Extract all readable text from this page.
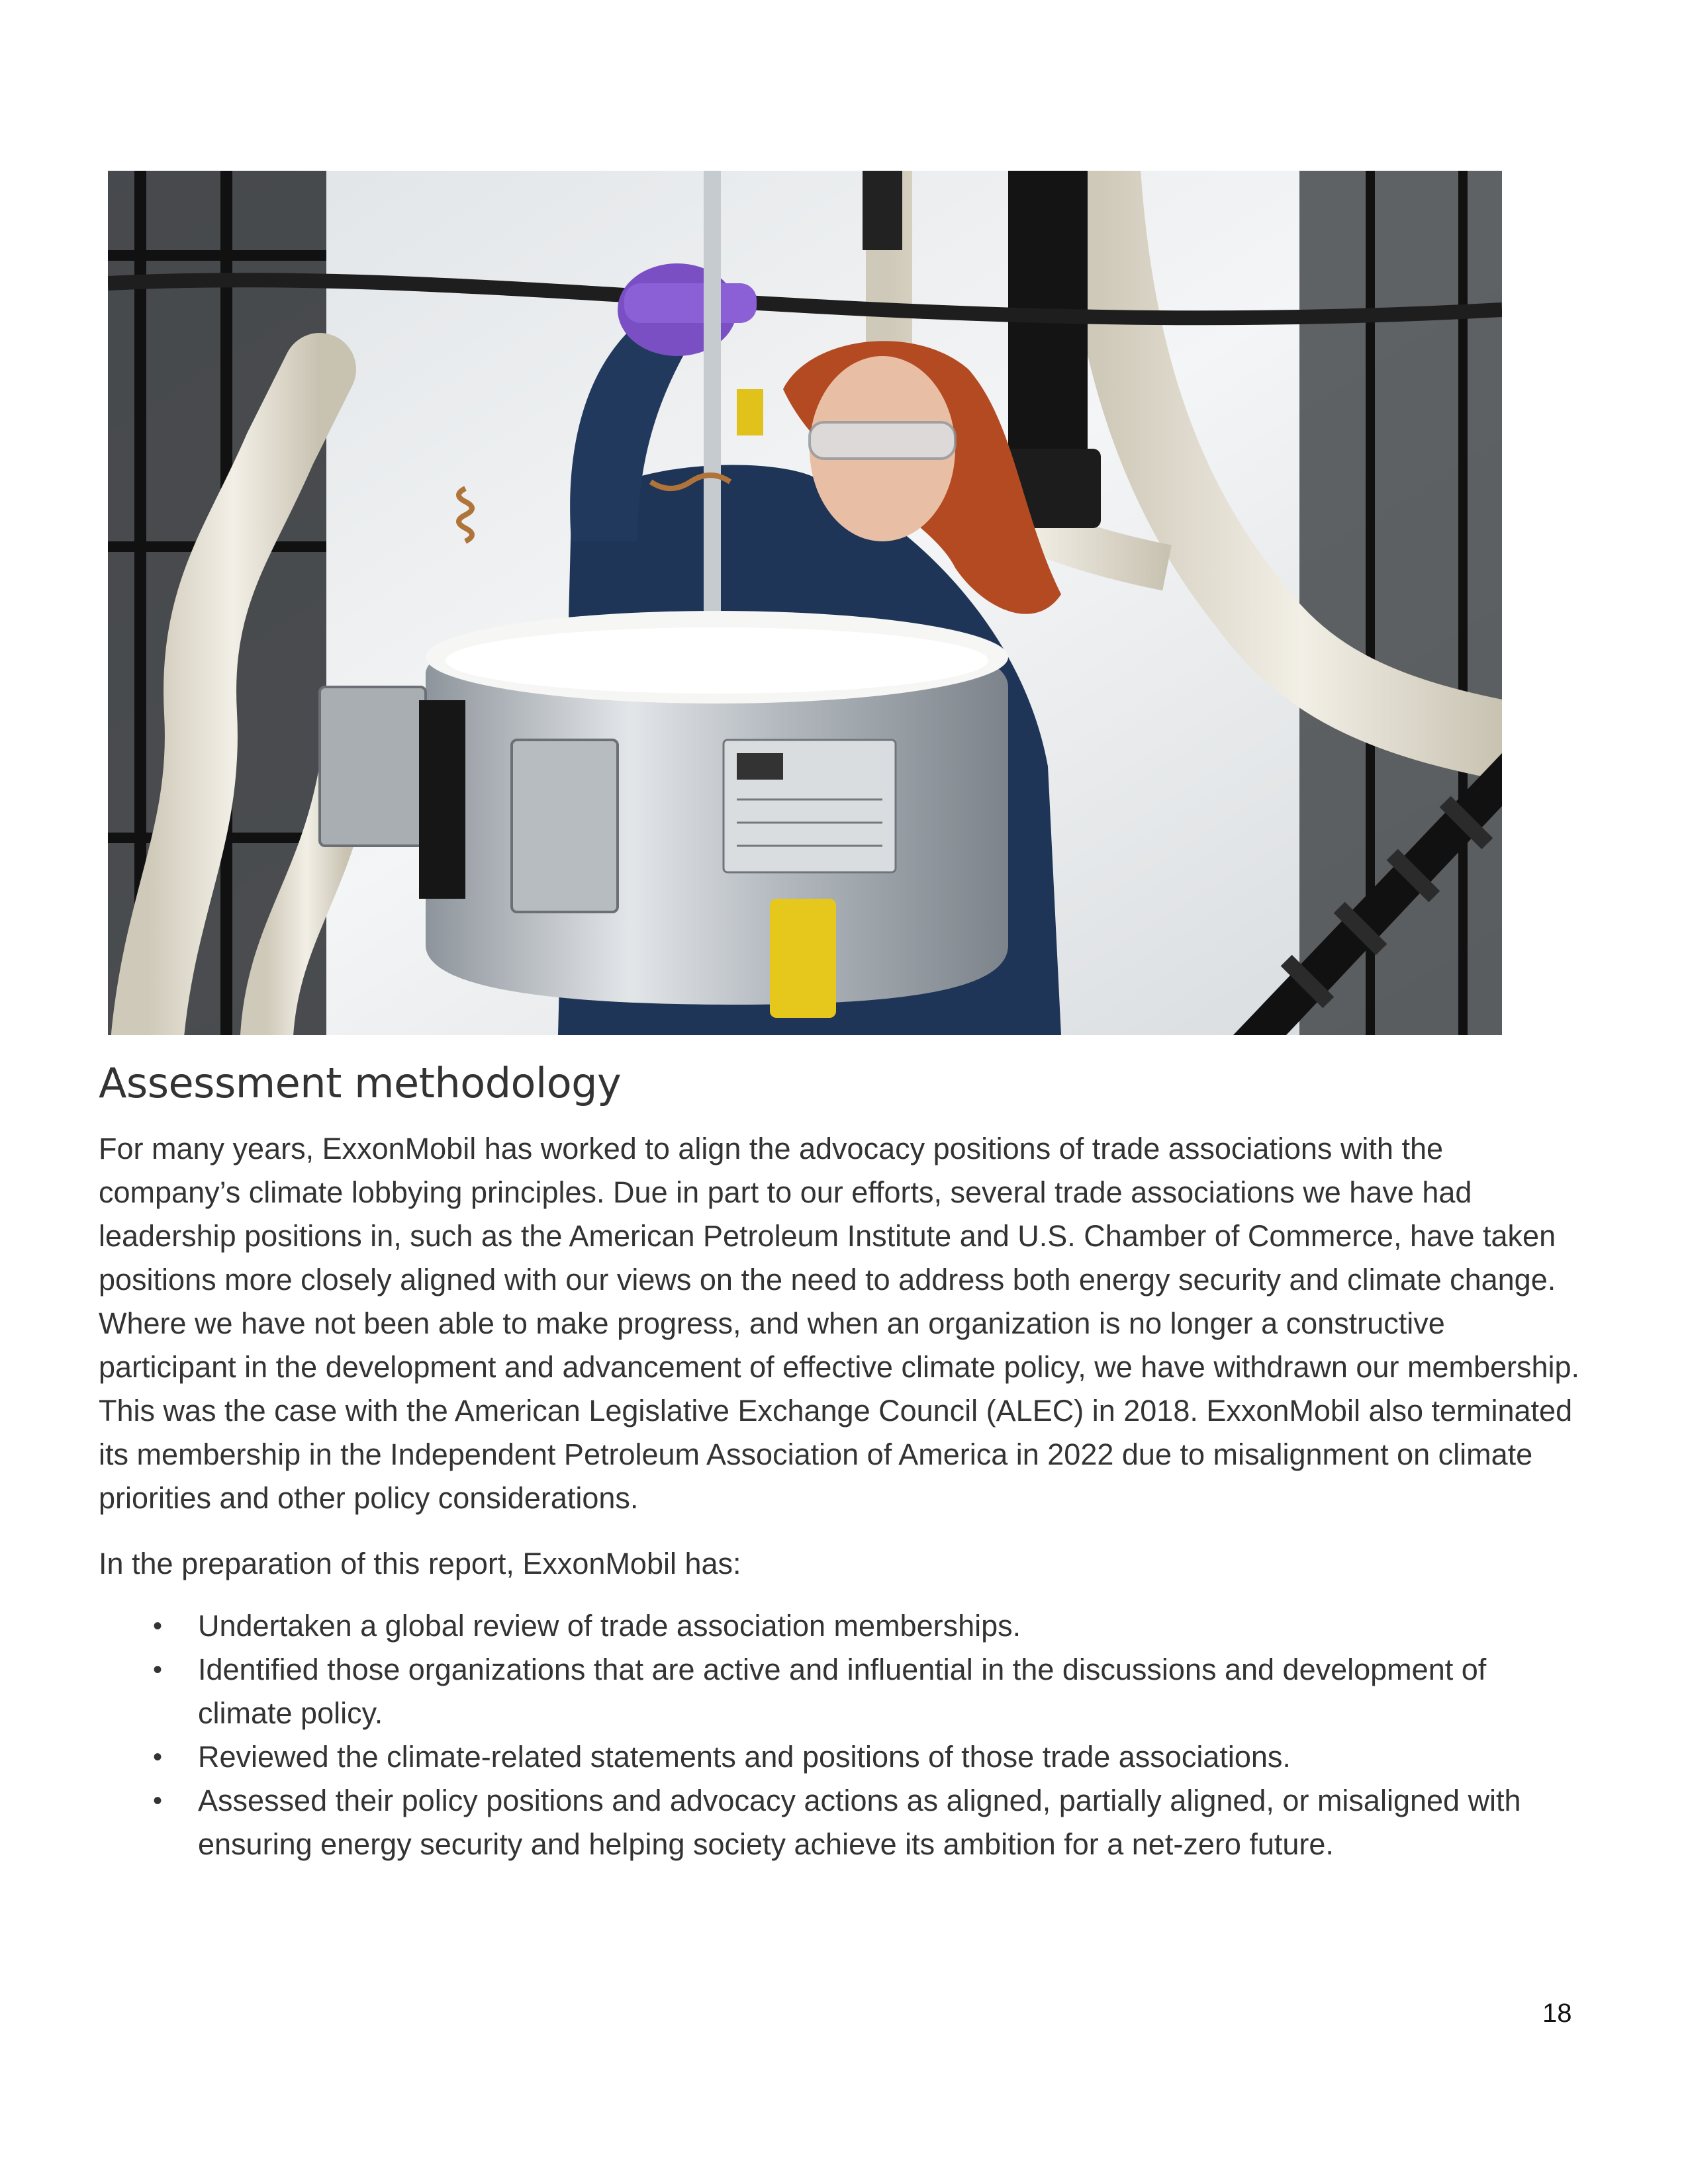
Assessment methodology

For many years, ExxonMobil has worked to align the advocacy positions of trade associations with the company’s climate lobbying principles. Due in part to our efforts, several trade associations we have had leadership positions in, such as the American Petroleum Institute and U.S. Chamber of Commerce, have taken positions more closely aligned with our views on the need to address both energy security and climate change. Where we have not been able to make progress, and when an organization is no longer a constructive participant in the development and advancement of effective climate policy, we have withdrawn our membership. This was the case with the American Legislative Exchange Council (ALEC) in 2018. ExxonMobil also terminated its membership in the Independent Petroleum Association of America in 2022 due to misalignment on climate priorities and other policy considerations.

In the preparation of this report, ExxonMobil has:

• Undertaken a global review of trade association memberships.
• Identified those organizations that are active and influential in the discussions and development of climate policy.
• Reviewed the climate-related statements and positions of those trade associations.
• Assessed their policy positions and advocacy actions as aligned, partially aligned, or misaligned with ensuring energy security and helping society achieve its ambition for a net-zero future.
18
